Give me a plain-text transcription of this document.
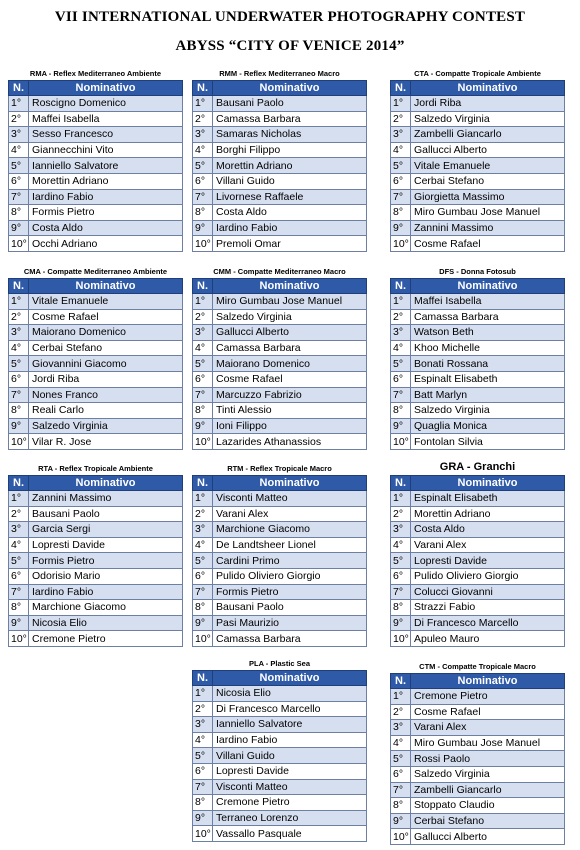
VII INTERNATIONAL UNDERWATER PHOTOGRAPHY CONTEST
ABYSS “CITY OF VENICE 2014”
RMA - Reflex Mediterraneo Ambiente
N.	Nominativo
1°	Roscigno Domenico
2°	Maffei Isabella
3°	Sesso Francesco
4°	Giannecchini Vito
5°	Ianniello Salvatore
6°	Morettin Adriano
7°	Iardino Fabio
8°	Formis Pietro
9°	Costa Aldo
10°	Occhi Adriano
RMM - Reflex Mediterraneo Macro
N.	Nominativo
1°	Bausani Paolo
2°	Camassa Barbara
3°	Samaras Nicholas
4°	Borghi Filippo
5°	Morettin Adriano
6°	Villani Guido
7°	Livornese Raffaele
8°	Costa Aldo
9°	Iardino Fabio
10°	Premoli Omar
CTA - Compatte Tropicale Ambiente
N.	Nominativo
1°	Jordi Riba
2°	Salzedo Virginia
3°	Zambelli Giancarlo
4°	Gallucci Alberto
5°	Vitale Emanuele
6°	Cerbai Stefano
7°	Giorgietta Massimo
8°	Miro Gumbau Jose Manuel
9°	Zannini Massimo
10°	Cosme Rafael
CMA - Compatte Mediterraneo Ambiente
N.	Nominativo
1°	Vitale Emanuele
2°	Cosme Rafael
3°	Maiorano Domenico
4°	Cerbai Stefano
5°	Giovannini Giacomo
6°	Jordi Riba
7°	Nones Franco
8°	Reali Carlo
9°	Salzedo Virginia
10°	Vilar R. Jose
CMM - Compatte Mediterraneo Macro
N.	Nominativo
1°	Miro Gumbau Jose Manuel
2°	Salzedo Virginia
3°	Gallucci Alberto
4°	Camassa Barbara
5°	Maiorano Domenico
6°	Cosme Rafael
7°	Marcuzzo Fabrizio
8°	Tinti Alessio
9°	Ioni Filippo
10°	Lazarides Athanassios
DFS - Donna Fotosub
N.	Nominativo
1°	Maffei Isabella
2°	Camassa Barbara
3°	Watson Beth
4°	Khoo Michelle
5°	Bonati Rossana
6°	Espinalt Elisabeth
7°	Batt Marlyn
8°	Salzedo Virginia
9°	Quaglia Monica
10°	Fontolan Silvia
RTA - Reflex Tropicale Ambiente
N.	Nominativo
1°	Zannini Massimo
2°	Bausani Paolo
3°	Garcia Sergi
4°	Lopresti Davide
5°	Formis Pietro
6°	Odorisio Mario
7°	Iardino Fabio
8°	Marchione Giacomo
9°	Nicosia Elio
10°	Cremone Pietro
RTM - Reflex Tropicale Macro
N.	Nominativo
1°	Visconti Matteo
2°	Varani Alex
3°	Marchione Giacomo
4°	De Landtsheer Lionel
5°	Cardini Primo
6°	Pulido Oliviero Giorgio
7°	Formis Pietro
8°	Bausani Paolo
9°	Pasi Maurizio
10°	Camassa Barbara
GRA - Granchi
N.	Nominativo
1°	Espinalt Elisabeth
2°	Morettin Adriano
3°	Costa Aldo
4°	Varani Alex
5°	Lopresti Davide
6°	Pulido Oliviero Giorgio
7°	Colucci Giovanni
8°	Strazzi Fabio
9°	Di Francesco Marcello
10°	Apuleo Mauro
PLA - Plastic Sea
N.	Nominativo
1°	Nicosia Elio
2°	Di Francesco Marcello
3°	Ianniello Salvatore
4°	Iardino Fabio
5°	Villani Guido
6°	Lopresti Davide
7°	Visconti Matteo
8°	Cremone Pietro
9°	Terraneo Lorenzo
10°	Vassallo Pasquale
CTM - Compatte Tropicale Macro
N.	Nominativo
1°	Cremone Pietro
2°	Cosme Rafael
3°	Varani Alex
4°	Miro Gumbau Jose Manuel
5°	Rossi Paolo
6°	Salzedo Virginia
7°	Zambelli Giancarlo
8°	Stoppato Claudio
9°	Cerbai Stefano
10°	Gallucci Alberto
